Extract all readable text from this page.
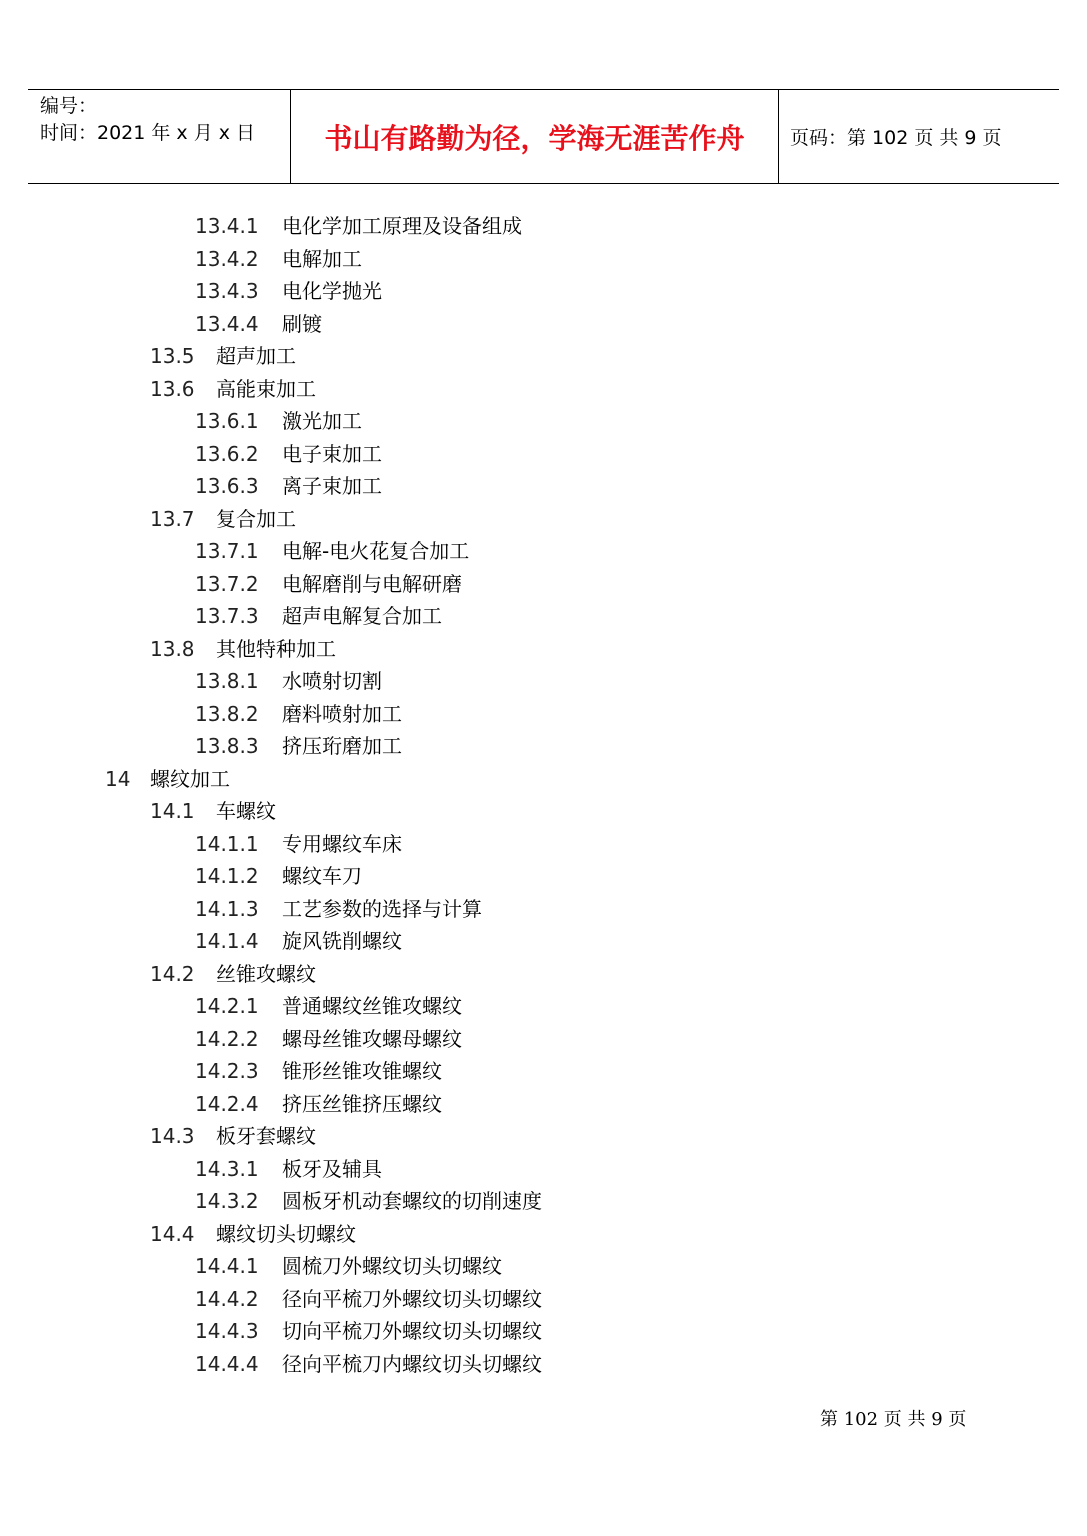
编号：
时间：2021 年 x 月 x 日 书山有路勤为径，学海无涯苦作舟 页码：第 102 页 共 9 页
13.4.1 电化学加工原理及设备组成
13.4.2 电解加工
13.4.3 电化学抛光
13.4.4 刷镀
13.5 超声加工
13.6 高能束加工
13.6.1 激光加工
13.6.2 电子束加工
13.6.3 离子束加工
13.7 复合加工
13.7.1 电解-电火花复合加工
13.7.2 电解磨削与电解研磨
13.7.3 超声电解复合加工
13.8 其他特种加工
13.8.1 水喷射切割
13.8.2 磨料喷射加工
13.8.3 挤压珩磨加工
14 螺纹加工
14.1 车螺纹
14.1.1 专用螺纹车床
14.1.2 螺纹车刀
14.1.3 工艺参数的选择与计算
14.1.4 旋风铣削螺纹
14.2 丝锥攻螺纹
14.2.1 普通螺纹丝锥攻螺纹
14.2.2 螺母丝锥攻螺母螺纹
14.2.3 锥形丝锥攻锥螺纹
14.2.4 挤压丝锥挤压螺纹
14.3 板牙套螺纹
14.3.1 板牙及辅具
14.3.2 圆板牙机动套螺纹的切削速度
14.4 螺纹切头切螺纹
14.4.1 圆梳刀外螺纹切头切螺纹
14.4.2 径向平梳刀外螺纹切头切螺纹
14.4.3 切向平梳刀外螺纹切头切螺纹
14.4.4 径向平梳刀内螺纹切头切螺纹
第 102 页 共 9 页
